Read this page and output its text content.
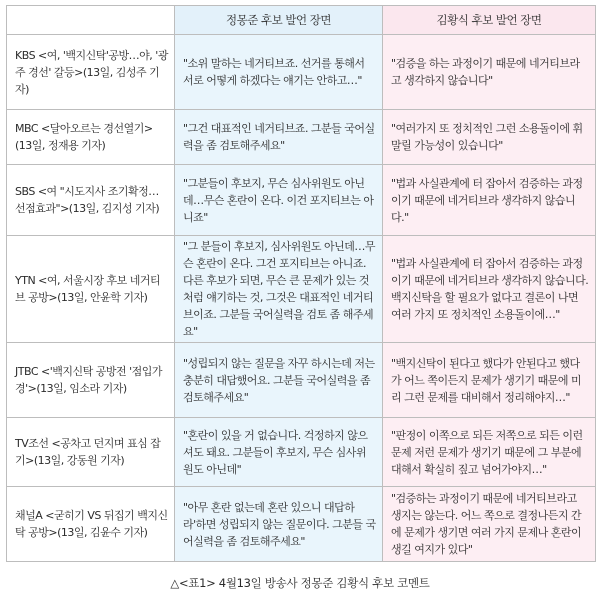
	정몽준 후보 발언 장면	김황식 후보 발언 장면
KBS <여, '백지신탁'공방…야, '광주 경선' 갈등>(13일, 김성주 기자)	"소위 말하는 네거티브죠. 선거를 통해서 서로 어떻게 하겠다는 얘기는 안하고…"	"검증을 하는 과정이기 때문에 네거티브라고 생각하지 않습니다"
MBC <달아오르는 경선열기>(13일, 정재용 기자)	"그건 대표적인 네거티브죠. 그분들 국어실력을 좀 검토해주세요"	"여러가지 또 정치적인 그런 소용돌이에 휘말릴 가능성이 있습니다"
SBS <여 "시도지사 조기확정…선점효과">(13일, 김지성 기자)	"그분들이 후보지, 무슨 심사위원도 아닌데…무슨 혼란이 온다. 이건 포지티브는 아니죠"	"법과 사실관계에 터 잡아서 검증하는 과정이기 때문에 네거티브라 생각하지 않습니다."
YTN <여, 서울시장 후보 네거티브 공방>(13일, 안윤학 기자)	"그 분들이 후보지, 심사위원도 아닌데…무슨 혼란이 온다. 그건 포지티브는 아니죠. 다른 후보가 되면, 무슨 큰 문제가 있는 것처럼 얘기하는 것, 그것은 대표적인 네거티브이죠. 그분들 국어실력을 검토 좀 해주세요"	"법과 사실관계에 터 잡아서 검증하는 과정이기 때문에 네거티브라 생각하지 않습니다. 백지신탁을 할 필요가 없다고 결론이 나면 여러 가지 또 정치적인 소용돌이에…"
JTBC <'백지신탁 공방전 '점입가경'>(13일, 임소라 기자)	"성립되지 않는 질문을 자꾸 하시는데 저는 충분히 대답했어요. 그분들 국어실력을 좀 검토해주세요"	"백지신탁이 된다고 했다가 안된다고 했다가 어느 쪽이든지 문제가 생기기 때문에 미리 그런 문제를 대비해서 정리해야지…"
TV조선 <공차고 던지며 표심 잡기>(13일, 강동원 기자)	"혼란이 있을 거 없습니다. 걱정하지 않으셔도 돼요. 그분들이 후보지, 무슨 심사위원도 아닌데"	"판정이 이쪽으로 되든 저쪽으로 되든 이런 문제 저런 문제가 생기기 때문에 그 부분에 대해서 확실히 짚고 넘어가야지…"
채널A <굳히기 VS 뒤집기 백지신탁 공방>(13일, 김윤수 기자)	"아무 혼란 없는데 혼란 있으니 대답하라'하면 성립되지 않는 질문이다. 그분들 국어실력을 좀 검토해주세요"	"검증하는 과정이기 때문에 네거티브라고 생지는 않는다. 어느 쪽으로 결정나든지 간에 문제가 생기면 여러 가지 문제나 혼란이 생길 여지가 있다"
△<표1> 4월13일 방송사 정몽준 김황식 후보 코멘트
